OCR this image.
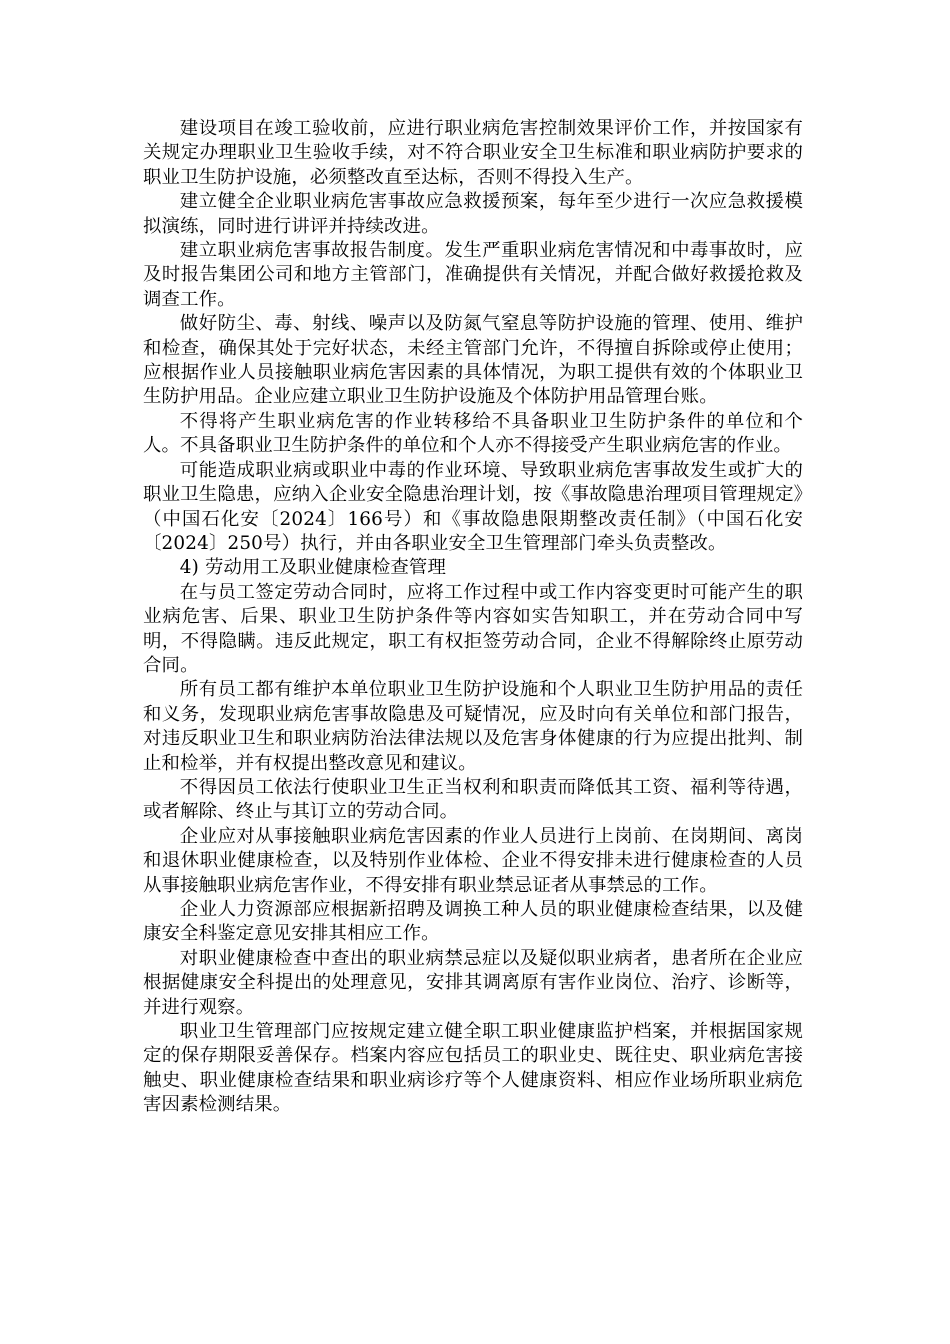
建设项目在竣工验收前，应进行职业病危害控制效果评价工作，并按国家有关规定办理职业卫生验收手续，对不符合职业安全卫生标准和职业病防护要求的职业卫生防护设施，必须整改直至达标，否则不得投入生产。

建立健全企业职业病危害事故应急救援预案，每年至少进行一次应急救援模拟演练，同时进行讲评并持续改进。

建立职业病危害事故报告制度。发生严重职业病危害情况和中毒事故时，应及时报告集团公司和地方主管部门，准确提供有关情况，并配合做好救援抢救及调查工作。

做好防尘、毒、射线、噪声以及防氮气窒息等防护设施的管理、使用、维护和检查，确保其处于完好状态，未经主管部门允许，不得擅自拆除或停止使用；应根据作业人员接触职业病危害因素的具体情况，为职工提供有效的个体职业卫生防护用品。企业应建立职业卫生防护设施及个体防护用品管理台账。

不得将产生职业病危害的作业转移给不具备职业卫生防护条件的单位和个人。不具备职业卫生防护条件的单位和个人亦不得接受产生职业病危害的作业。

可能造成职业病或职业中毒的作业环境、导致职业病危害事故发生或扩大的职业卫生隐患，应纳入企业安全隐患治理计划，按《事故隐患治理项目管理规定》（中国石化安〔2024〕166号）和《事故隐患限期整改责任制》（中国石化安〔2024〕250号）执行，并由各职业安全卫生管理部门牵头负责整改。

4) 劳动用工及职业健康检查管理

在与员工签定劳动合同时，应将工作过程中或工作内容变更时可能产生的职业病危害、后果、职业卫生防护条件等内容如实告知职工，并在劳动合同中写明，不得隐瞒。违反此规定，职工有权拒签劳动合同，企业不得解除终止原劳动合同。

所有员工都有维护本单位职业卫生防护设施和个人职业卫生防护用品的责任和义务，发现职业病危害事故隐患及可疑情况，应及时向有关单位和部门报告，对违反职业卫生和职业病防治法律法规以及危害身体健康的行为应提出批判、制止和检举，并有权提出整改意见和建议。

不得因员工依法行使职业卫生正当权利和职责而降低其工资、福利等待遇，或者解除、终止与其订立的劳动合同。

企业应对从事接触职业病危害因素的作业人员进行上岗前、在岗期间、离岗和退休职业健康检查，以及特别作业体检、企业不得安排未进行健康检查的人员从事接触职业病危害作业，不得安排有职业禁忌证者从事禁忌的工作。

企业人力资源部应根据新招聘及调换工种人员的职业健康检查结果，以及健康安全科鉴定意见安排其相应工作。

对职业健康检查中查出的职业病禁忌症以及疑似职业病者，患者所在企业应根据健康安全科提出的处理意见，安排其调离原有害作业岗位、治疗、诊断等，并进行观察。

职业卫生管理部门应按规定建立健全职工职业健康监护档案，并根据国家规定的保存期限妥善保存。档案内容应包括员工的职业史、既往史、职业病危害接触史、职业健康检查结果和职业病诊疗等个人健康资料、相应作业场所职业病危害因素检测结果。
